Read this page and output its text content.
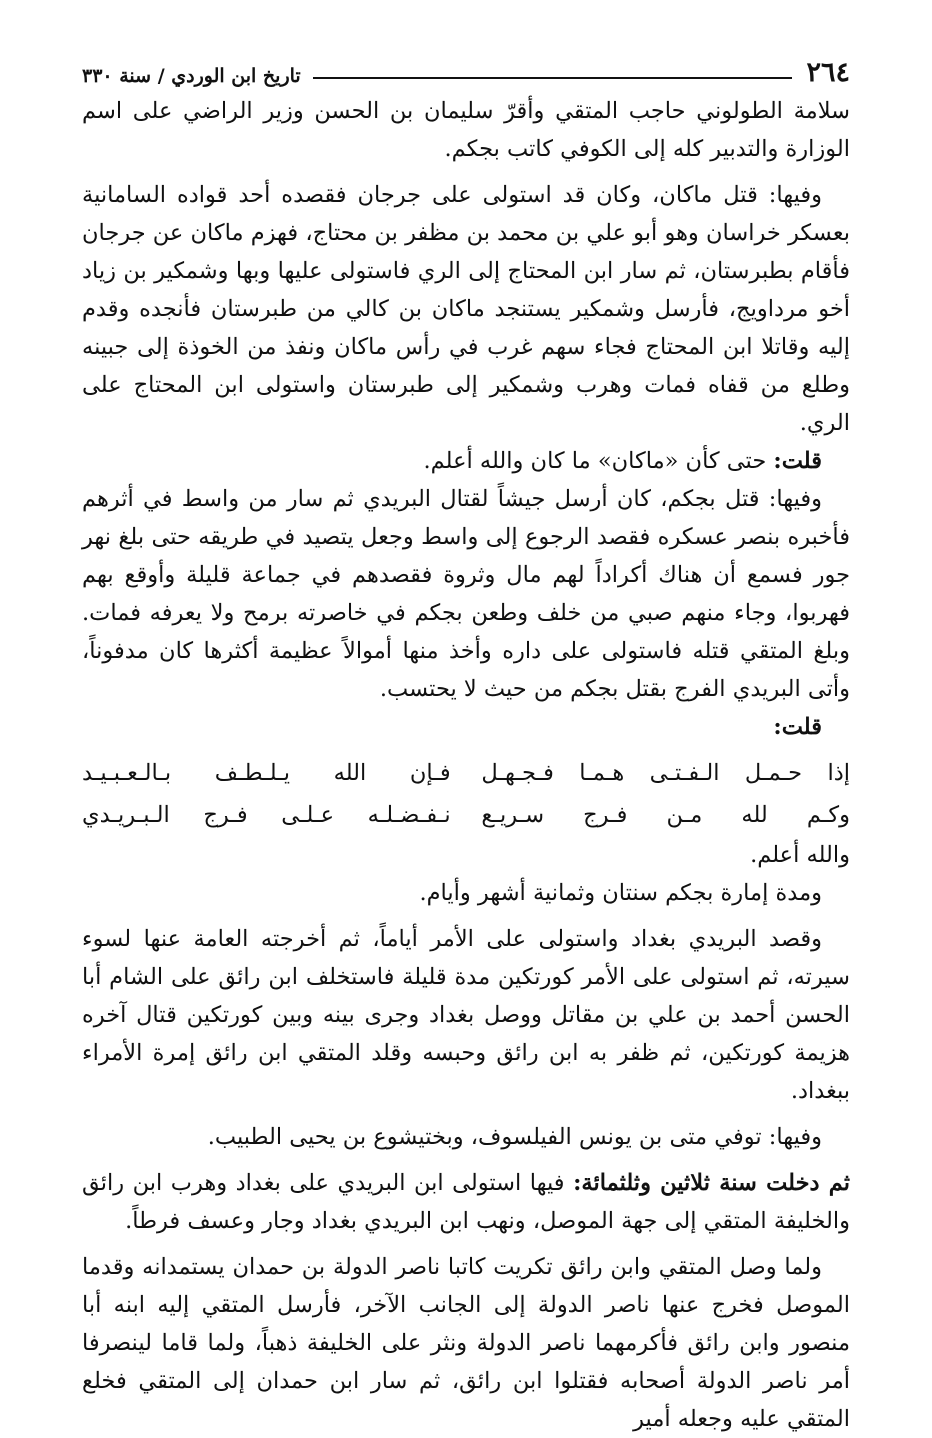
٢٦٤
تاريخ ابن الوردي / سنة ٣٣٠

سلامة الطولوني حاجب المتقي وأقرّ سليمان بن الحسن وزير الراضي على اسم الوزارة والتدبير كله إلى الكوفي كاتب بجكم.

وفيها: قتل ماكان، وكان قد استولى على جرجان فقصده أحد قواده السامانية بعسكر خراسان وهو أبو علي بن محمد بن مظفر بن محتاج، فهزم ماكان عن جرجان فأقام بطبرستان، ثم سار ابن المحتاج إلى الري فاستولى عليها وبها وشمكير بن زياد أخو مرداويج، فأرسل وشمكير يستنجد ماكان بن كالي من طبرستان فأنجده وقدم إليه وقاتلا ابن المحتاج فجاء سهم غرب في رأس ماكان ونفذ من الخوذة إلى جبينه وطلع من قفاه فمات وهرب وشمكير إلى طبرستان واستولى ابن المحتاج على الري.

قلت: حتى كأن «ماكان» ما كان والله أعلم.

وفيها: قتل بجكم، كان أرسل جيشاً لقتال البريدي ثم سار من واسط في أثرهم فأخبره بنصر عسكره فقصد الرجوع إلى واسط وجعل يتصيد في طريقه حتى بلغ نهر جور فسمع أن هناك أكراداً لهم مال وثروة فقصدهم في جماعة قليلة وأوقع بهم فهربوا، وجاء منهم صبي من خلف وطعن بجكم في خاصرته برمح ولا يعرفه فمات. وبلغ المتقي قتله فاستولى على داره وأخذ منها أموالاً عظيمة أكثرها كان مدفوناً، وأتى البريدي الفرج بقتل بجكم من حيث لا يحتسب.

قلت:

إذا حـمـل الـفـتـى هـمـا فـجـهـل
فـإن الله يـلـطـف بـالـعـبـيـد
وكـم لله مـن فـرج سـريـع
نـفـضـلـه عـلـى فـرج الـبـريـدي

والله أعلم.

ومدة إمارة بجكم سنتان وثمانية أشهر وأيام.

وقصد البريدي بغداد واستولى على الأمر أياماً، ثم أخرجته العامة عنها لسوء سيرته، ثم استولى على الأمر كورتكين مدة قليلة فاستخلف ابن رائق على الشام أبا الحسن أحمد بن علي بن مقاتل ووصل بغداد وجرى بينه وبين كورتكين قتال آخره هزيمة كورتكين، ثم ظفر به ابن رائق وحبسه وقلد المتقي ابن رائق إمرة الأمراء ببغداد.

وفيها: توفي متى بن يونس الفيلسوف، وبختيشوع بن يحيى الطبيب.

ثم دخلت سنة ثلاثين وثلثمائة: فيها استولى ابن البريدي على بغداد وهرب ابن رائق والخليفة المتقي إلى جهة الموصل، ونهب ابن البريدي بغداد وجار وعسف فرطاً.

ولما وصل المتقي وابن رائق تكريت كاتبا ناصر الدولة بن حمدان يستمدانه وقدما الموصل فخرج عنها ناصر الدولة إلى الجانب الآخر، فأرسل المتقي إليه ابنه أبا منصور وابن رائق فأكرمهما ناصر الدولة ونثر على الخليفة ذهباً، ولما قاما لينصرفا أمر ناصر الدولة أصحابه فقتلوا ابن رائق، ثم سار ابن حمدان إلى المتقي فخلع المتقي عليه وجعله أمير
